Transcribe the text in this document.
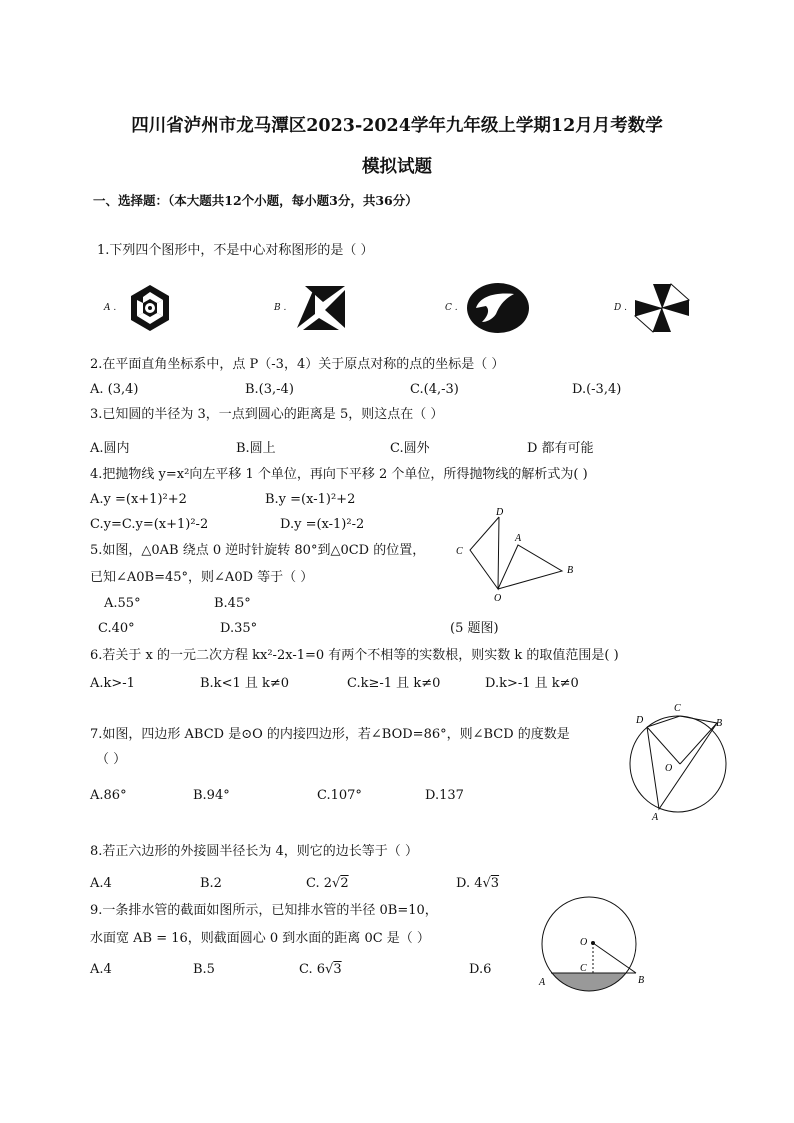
四川省泸州市龙马潭区2023-2024学年九年级上学期12月月考数学
模拟试题
一、选择题：（本大题共12个小题，每小题3分，共36分）
1.下列四个图形中，不是中心对称图形的是（ ）
A .	B .	C .	D .
2.在平面直角坐标系中，点 P（-3，4）关于原点对称的点的坐标是（ ）
A. (3,4)	B.(3,-4)	C.(4,-3)	D.(-3,4)
3.已知圆的半径为 3，一点到圆心的距离是 5，则这点在（ ）
A.圆内	B.圆上	C.圆外	D 都有可能
4.把抛物线 y=x²向左平移 1 个单位，再向下平移 2 个单位，所得抛物线的解析式为( )
A.y =(x+1)²+2	B.y =(x-1)²+2
C.y=C.y=(x+1)²-2	D.y =(x-1)²-2
5.如图，△0AB 绕点 0 逆时针旋转 80°到△0CD 的位置，
已知∠A0B=45°，则∠A0D 等于（ ）
A.55°	B.45°
C.40°	D.35°	(5 题图)
D
C
A
B
O
6.若关于 x 的一元二次方程 kx²-2x-1=0 有两个不相等的实数根，则实数 k 的取值范围是( )
A.k>-1	B.k<1 且 k≠0	C.k≥-1 且 k≠0	D.k>-1 且 k≠0
7.如图，四边形 ABCD 是⊙O 的内接四边形，若∠BOD=86°，则∠BCD 的度数是
（ ）
A.86°	B.94°	C.107°	D.137
D
C
B
O
A
8.若正六边形的外接圆半径长为 4，则它的边长等于（ ）
A.4	B.2	C. 2√2	D. 4√3
9.一条排水管的截面如图所示，已知排水管的半径 0B=10，
水面宽 AB = 16，则截面圆心 0 到水面的距离 0C 是（ ）
A.4	B.5	C. 6√3	D.6
O
C
A	B
